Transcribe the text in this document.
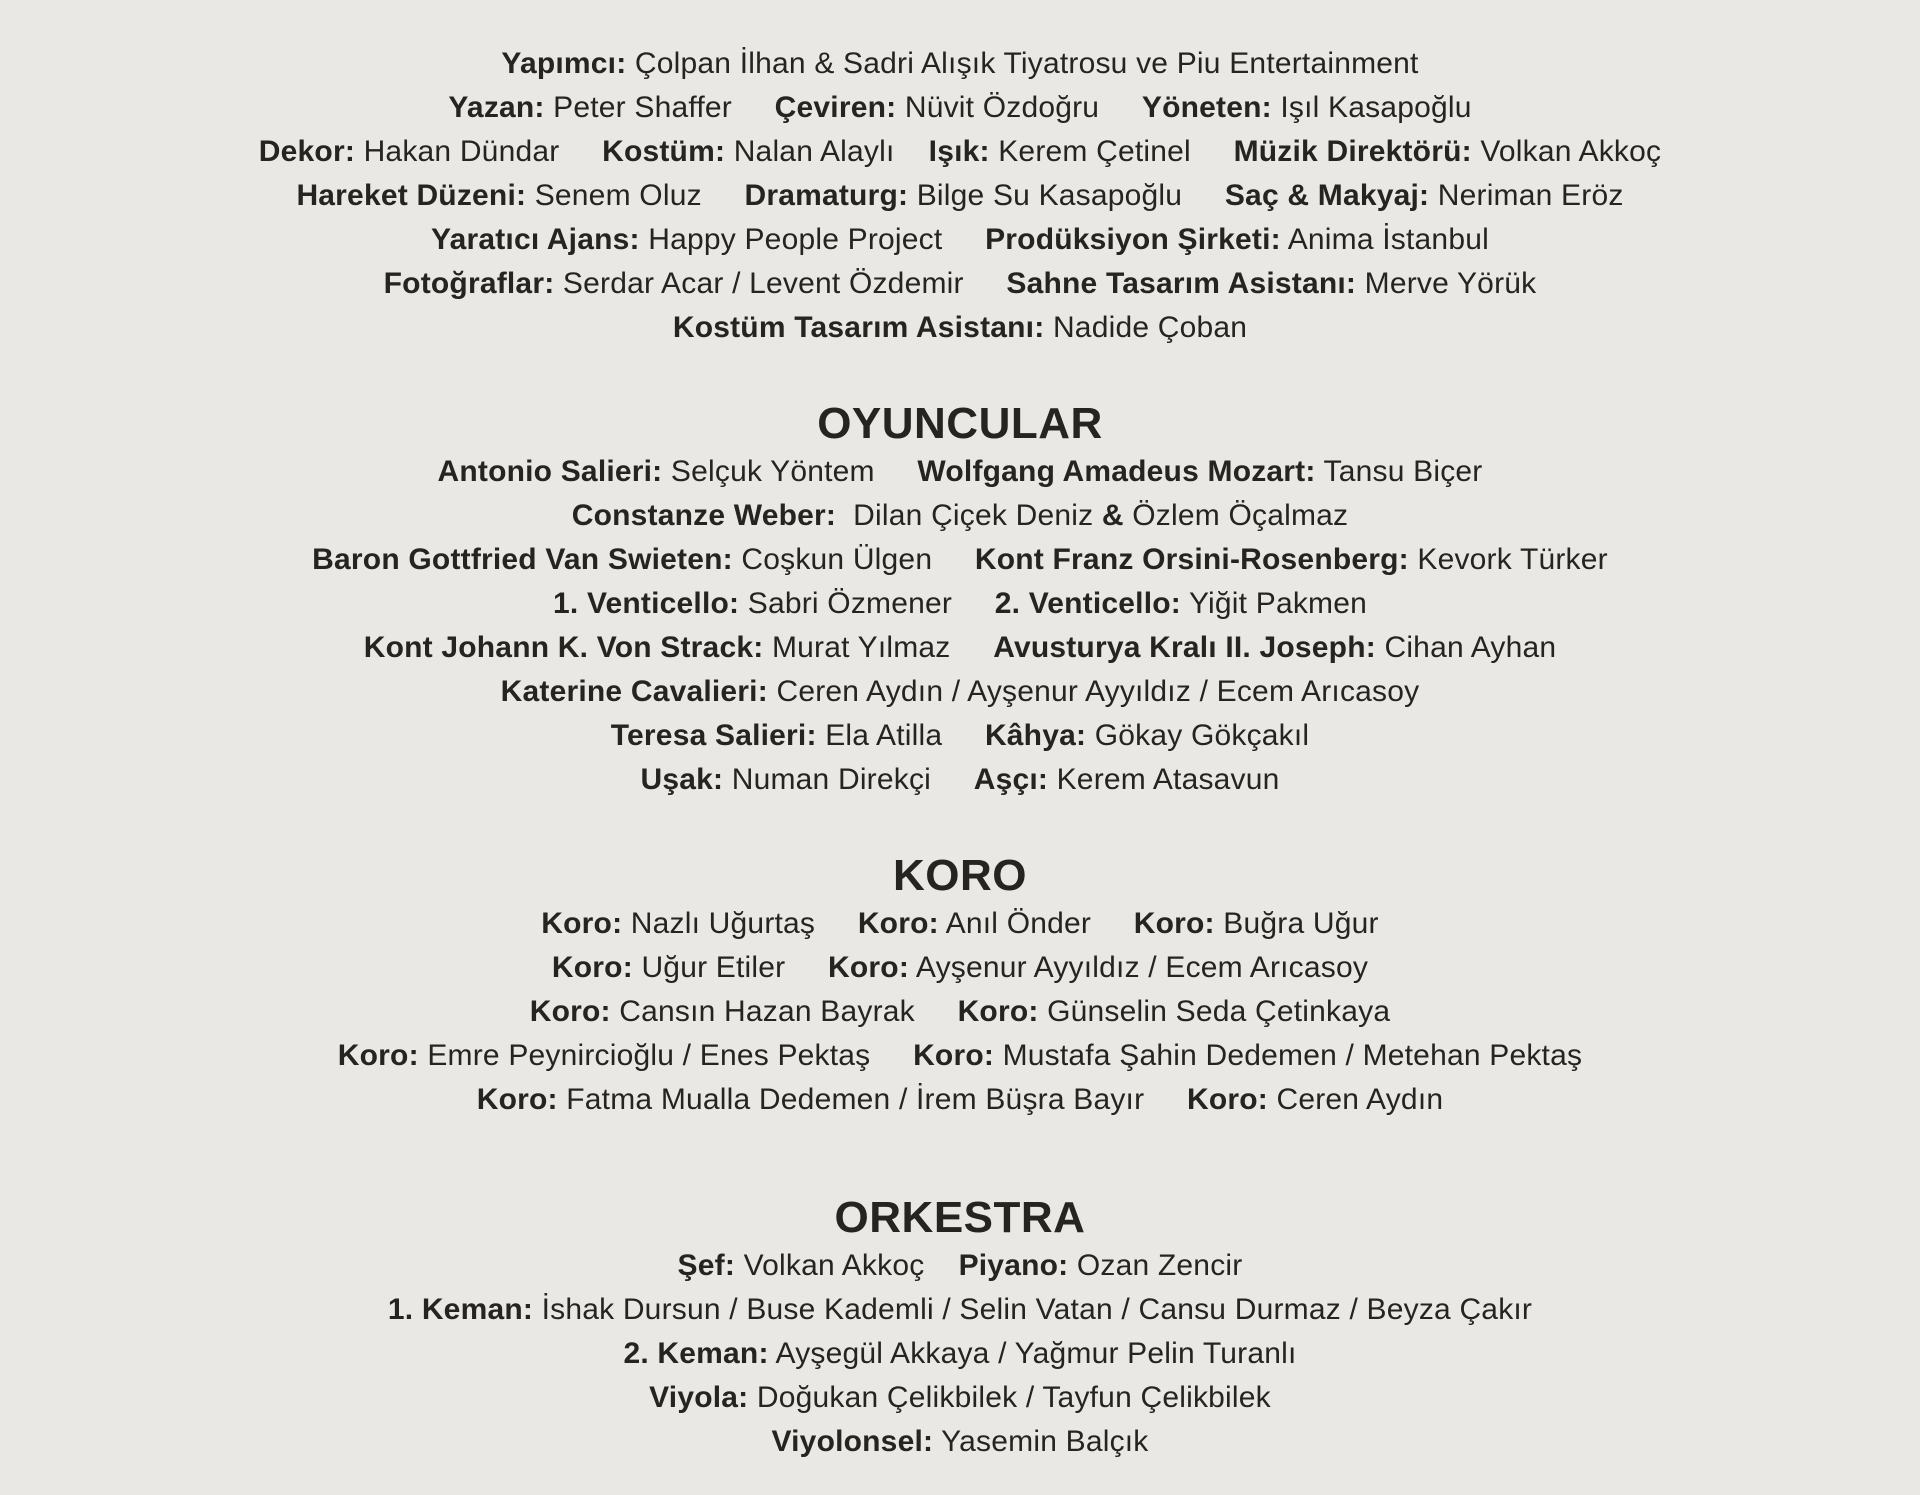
Yapımcı: Çolpan İlhan & Sadri Alışık Tiyatrosu ve Piu Entertainment
Yazan: Peter Shaffer     Çeviren: Nüvit Özdoğru     Yöneten: Işıl Kasapoğlu
Dekor: Hakan Dündar     Kostüm: Nalan Alaylı    Işık: Kerem Çetinel     Müzik Direktörü: Volkan Akkoç
Hareket Düzeni: Senem Oluz     Dramaturg: Bilge Su Kasapoğlu     Saç & Makyaj: Neriman Eröz
Yaratıcı Ajans: Happy People Project     Prodüksiyon Şirketi: Anima İstanbul
Fotoğraflar: Serdar Acar / Levent Özdemir     Sahne Tasarım Asistanı: Merve Yörük
Kostüm Tasarım Asistanı: Nadide Çoban
OYUNCULAR
Antonio Salieri: Selçuk Yöntem     Wolfgang Amadeus Mozart: Tansu Biçer
Constanze Weber:  Dilan Çiçek Deniz & Özlem Öçalmaz
Baron Gottfried Van Swieten: Coşkun Ülgen     Kont Franz Orsini-Rosenberg: Kevork Türker
1. Venticello: Sabri Özmener     2. Venticello: Yiğit Pakmen
Kont Johann K. Von Strack: Murat Yılmaz     Avusturya Kralı II. Joseph: Cihan Ayhan
Katerine Cavalieri: Ceren Aydın / Ayşenur Ayyıldız / Ecem Arıcasoy
Teresa Salieri: Ela Atilla     Kâhya: Gökay Gökçakıl
Uşak: Numan Direkçi     Aşçı: Kerem Atasavun
KORO
Koro: Nazlı Uğurtaş     Koro: Anıl Önder     Koro: Buğra Uğur
Koro: Uğur Etiler     Koro: Ayşenur Ayyıldız / Ecem Arıcasoy
Koro: Cansın Hazan Bayrak     Koro: Günselin Seda Çetinkaya
Koro: Emre Peynircioğlu / Enes Pektaş     Koro: Mustafa Şahin Dedemen / Metehan Pektaş
Koro: Fatma Mualla Dedemen / İrem Büşra Bayır     Koro: Ceren Aydın
ORKESTRA
Şef: Volkan Akkoç    Piyano: Ozan Zencir
1. Keman: İshak Dursun / Buse Kademli / Selin Vatan / Cansu Durmaz / Beyza Çakır
2. Keman: Ayşegül Akkaya / Yağmur Pelin Turanlı
Viyola: Doğukan Çelikbilek / Tayfun Çelikbilek
Viyolonsel: Yasemin Balçık
